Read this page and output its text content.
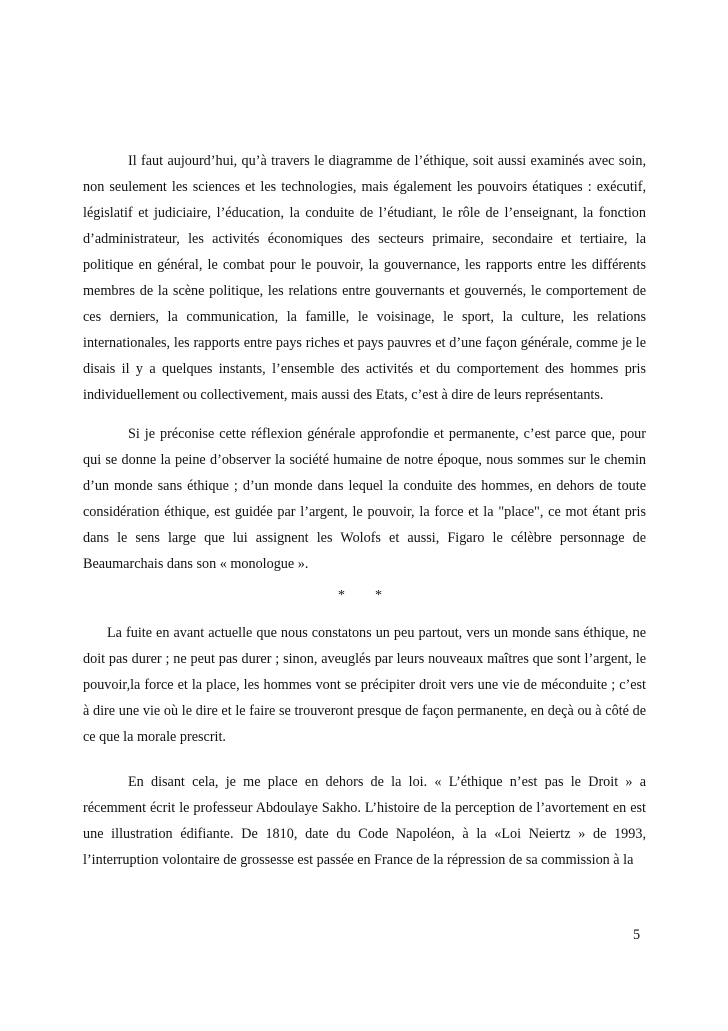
Il faut aujourd’hui, qu’à travers le diagramme de l’éthique, soit aussi examinés avec soin, non seulement les sciences et les technologies, mais également les pouvoirs étatiques : exécutif, législatif et judiciaire, l’éducation, la conduite de l’étudiant, le rôle de l’enseignant, la fonction d’administrateur, les activités économiques des secteurs primaire, secondaire et tertiaire, la politique en général, le combat pour le pouvoir, la gouvernance, les rapports entre les différents membres de la scène politique, les relations entre gouvernants et gouvernés, le comportement de ces derniers, la communication, la famille, le voisinage, le sport, la culture, les relations internationales, les rapports entre pays riches et pays pauvres et d’une façon générale, comme je le disais il y a quelques instants, l’ensemble des activités et du comportement des hommes pris individuellement ou collectivement, mais aussi des Etats, c’est à dire de leurs représentants.

Si je préconise cette réflexion générale approfondie et permanente, c’est parce que, pour qui se donne la peine d’observer la société humaine de notre époque, nous sommes sur le chemin d’un monde sans éthique ; d’un monde dans lequel la conduite des hommes, en dehors de toute considération éthique, est guidée par l’argent, le pouvoir, la force et la "place", ce mot étant pris dans le sens large que lui assignent les Wolofs et aussi, Figaro le célèbre personnage de Beaumarchais dans son « monologue ».

* *

La fuite en avant actuelle que nous constatons un peu partout, vers un monde sans éthique, ne doit pas durer ; ne peut pas durer ; sinon, aveuglés par leurs nouveaux maîtres que sont l’argent, le pouvoir,la force et la place, les hommes vont se précipiter droit vers une vie de méconduite ; c’est à dire une vie où le dire et le faire se trouveront presque de façon permanente, en deçà ou à côté de ce que la morale prescrit.

En disant cela, je me place en dehors de la loi. « L’éthique n’est pas le Droit » a récemment écrit le professeur Abdoulaye Sakho. L’histoire de la perception de l’avortement en est une illustration édifiante. De 1810, date du Code Napoléon, à la «Loi Neiertz » de 1993, l’interruption volontaire de grossesse est passée en France de la répression de sa commission à la

5
